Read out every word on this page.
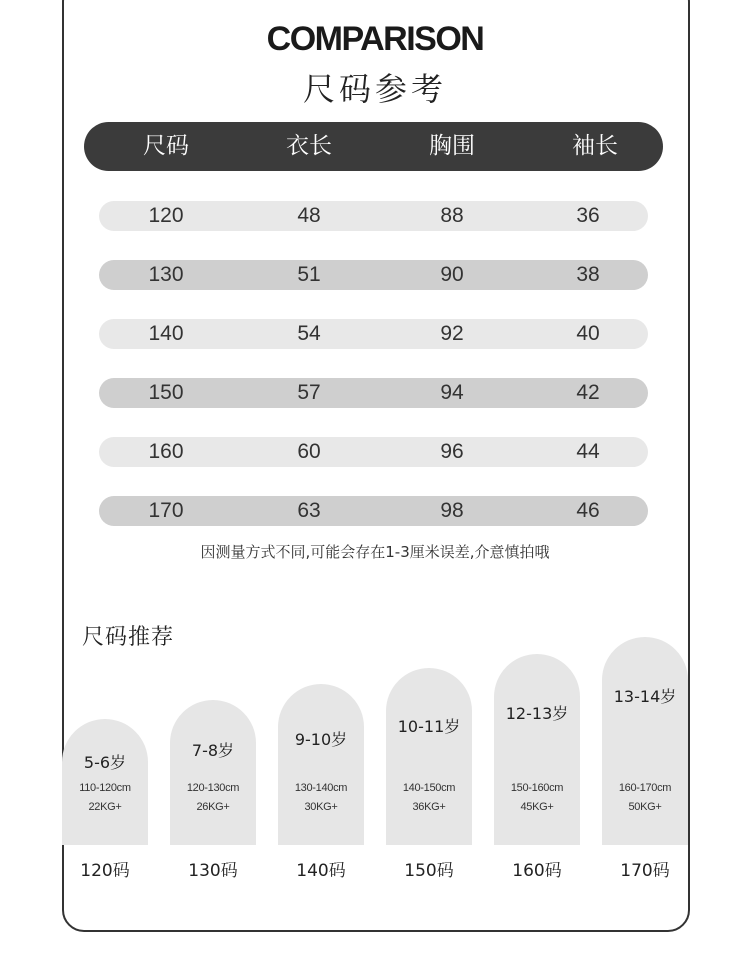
COMPARISON
尺码参考
尺码	衣长	胸围	袖长
120	48	88	36
130	51	90	38
140	54	92	40
150	57	94	42
160	60	96	44
170	63	98	46
因测量方式不同,可能会存在1-3厘米误差,介意慎拍哦
尺码推荐
5-6岁
110-120cm
22KG+
7-8岁
120-130cm
26KG+
9-10岁
130-140cm
30KG+
10-11岁
140-150cm
36KG+
12-13岁
150-160cm
45KG+
13-14岁
160-170cm
50KG+
120码	130码	140码	150码	160码	170码
